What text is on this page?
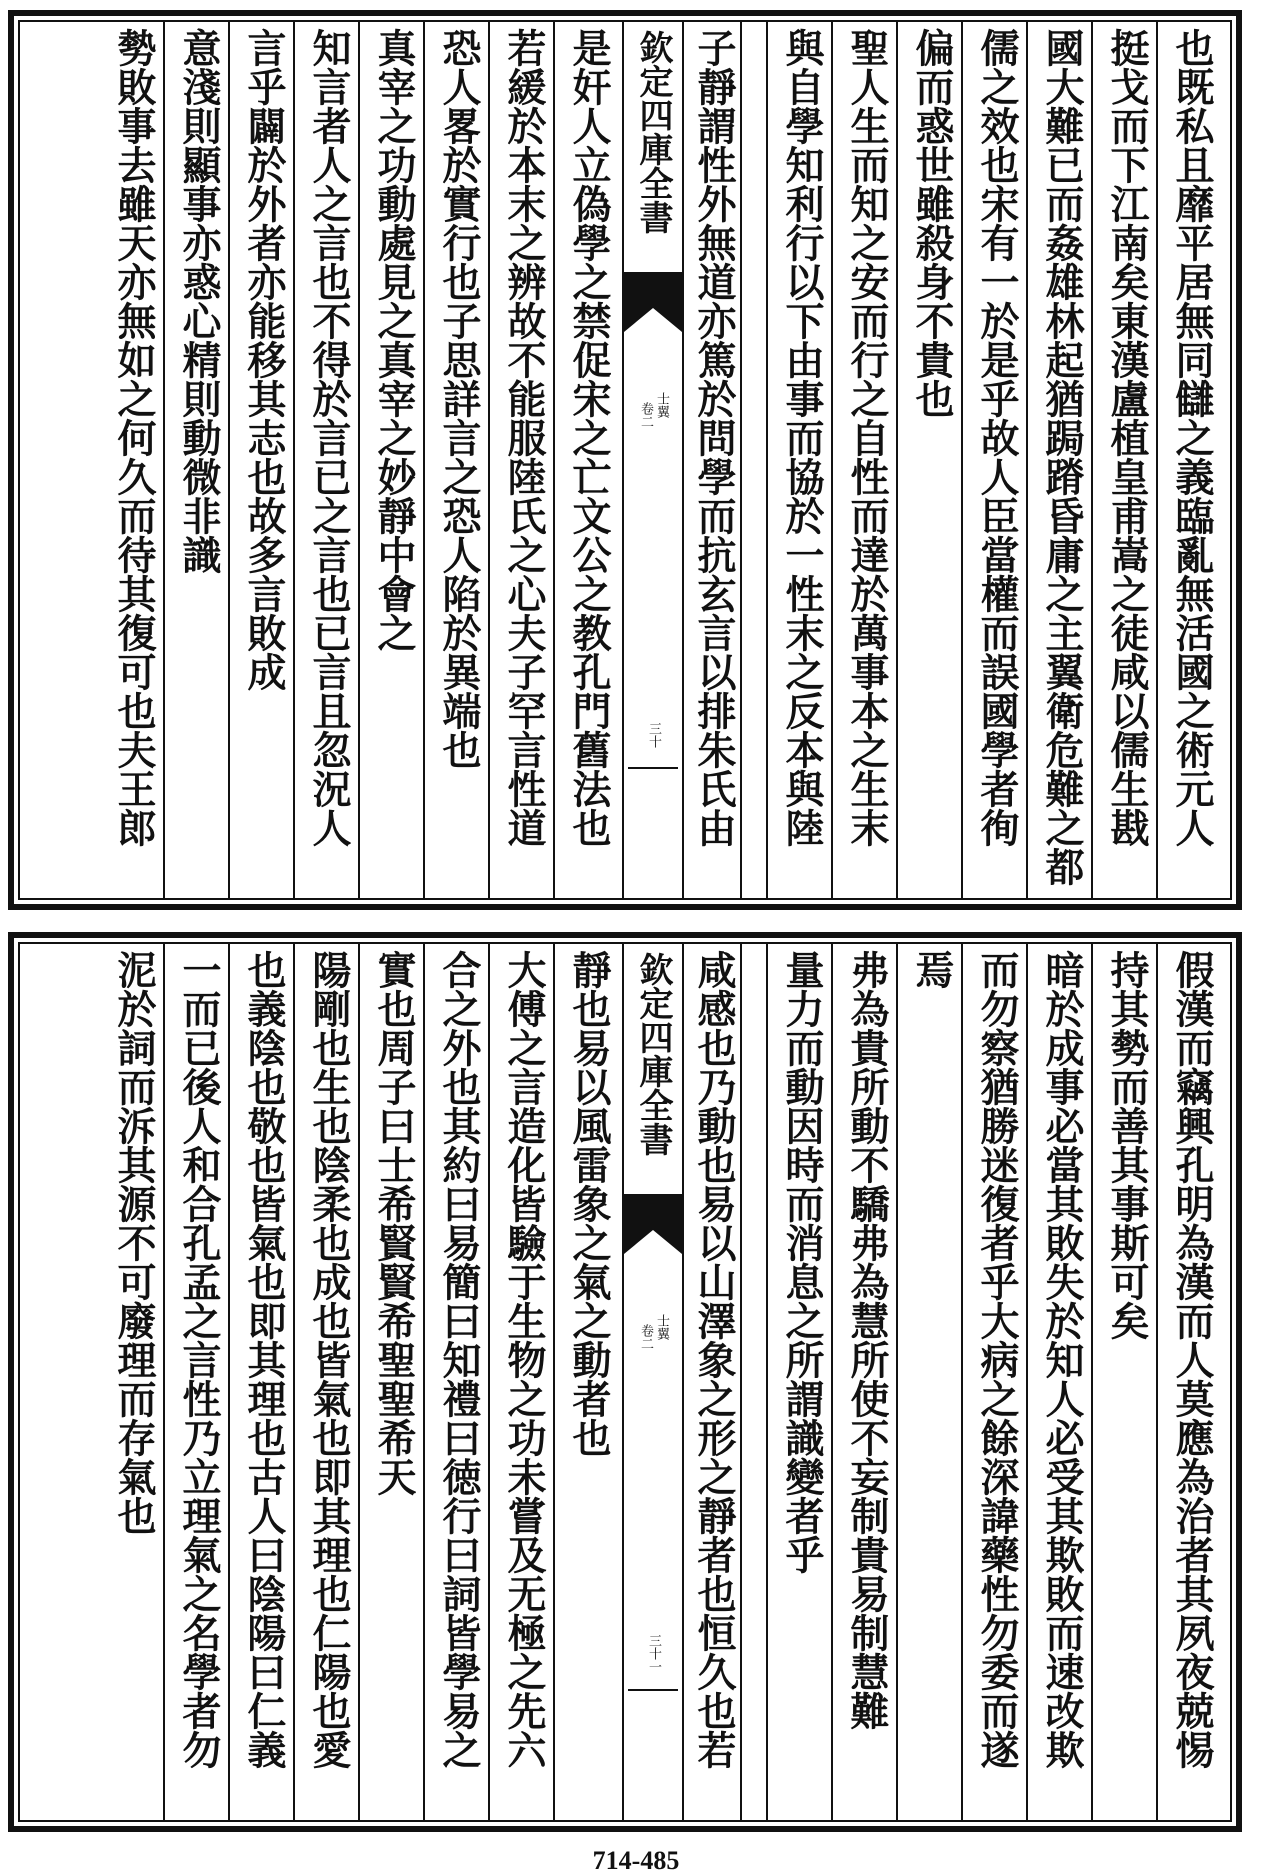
也既私且靡平居無同讎之義臨亂無活國之術元人
挺戈而下江南矣東漢盧植皇甫嵩之徒咸以儒生戡
國大難已而姦雄林起猶跼蹐昏庸之主翼衛危難之都
儒之效也宋有一於是乎故人臣當權而誤國學者徇
偏而惑世雖殺身不貴也
聖人生而知之安而行之自性而達於萬事本之生末
與自學知利行以下由事而協於一性末之反本與陸
子靜謂性外無道亦篤於問學而抗玄言以排朱氏由
欽定四庫全書
士翼
卷二
三十
是奸人立偽學之禁促宋之亡文公之教孔門舊法也
若緩於本末之辨故不能服陸氏之心夫子罕言性道
恐人畧於實行也子思詳言之恐人陷於異端也
真宰之功動處見之真宰之妙靜中會之
知言者人之言也不得於言已之言也已言且忽況人
言乎闢於外者亦能移其志也故多言敗成
意淺則顯事亦惑心精則動微非識
勢敗事去雖天亦無如之何久而待其復可也夫王郎
假漢而竊興孔明為漢而人莫應為治者其夙夜兢惕
持其勢而善其事斯可矣
暗於成事必當其敗失於知人必受其欺敗而速改欺
而勿察猶勝迷復者乎大病之餘深諱藥性勿委而遂
焉
弗為貴所動不驕弗為慧所使不妄制貴易制慧難
量力而動因時而消息之所謂識變者乎
咸感也乃動也易以山澤象之形之靜者也恒久也若
欽定四庫全書
士翼
卷二
三十一
靜也易以風雷象之氣之動者也
大傅之言造化皆驗于生物之功未嘗及无極之先六
合之外也其約曰易簡曰知禮曰徳行曰詞皆學易之
實也周子曰士希賢賢希聖聖希天
陽剛也生也陰柔也成也皆氣也即其理也仁陽也愛
也義陰也敬也皆氣也即其理也古人曰陰陽曰仁義
一而已後人和合孔孟之言性乃立理氣之名學者勿
泥於詞而泝其源不可廢理而存氣也
714-485
